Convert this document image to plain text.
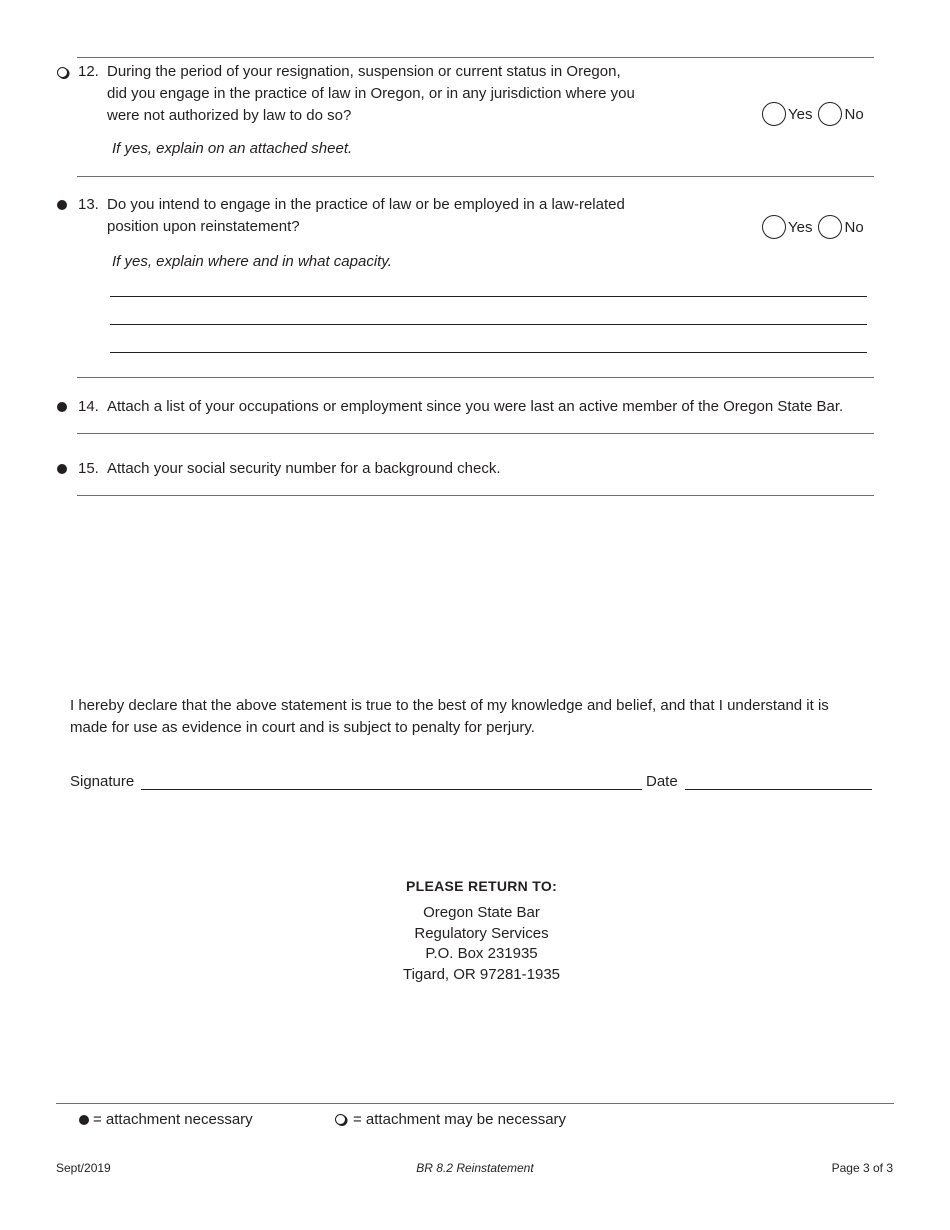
12. During the period of your resignation, suspension or current status in Oregon,
did you engage in the practice of law in Oregon, or in any jurisdiction where you
were not authorized by law to do so?
If yes, explain on an attached sheet.
Yes No
13. Do you intend to engage in the practice of law or be employed in a law-related
position upon reinstatement?
If yes, explain where and in what capacity.
Yes No
14. Attach a list of your occupations or employment since you were last an active member of the Oregon State Bar.
15. Attach your social security number for a background check.
I hereby declare that the above statement is true to the best of my knowledge and belief, and that I understand it is
made for use as evidence in court and is subject to penalty for perjury.
Signature	Date
PLEASE RETURN TO:
Oregon State Bar
Regulatory Services
P.O. Box 231935
Tigard, OR 97281-1935
= attachment necessary	= attachment may be necessary
Sept/2019	BR 8.2 Reinstatement	Page 3 of 3
